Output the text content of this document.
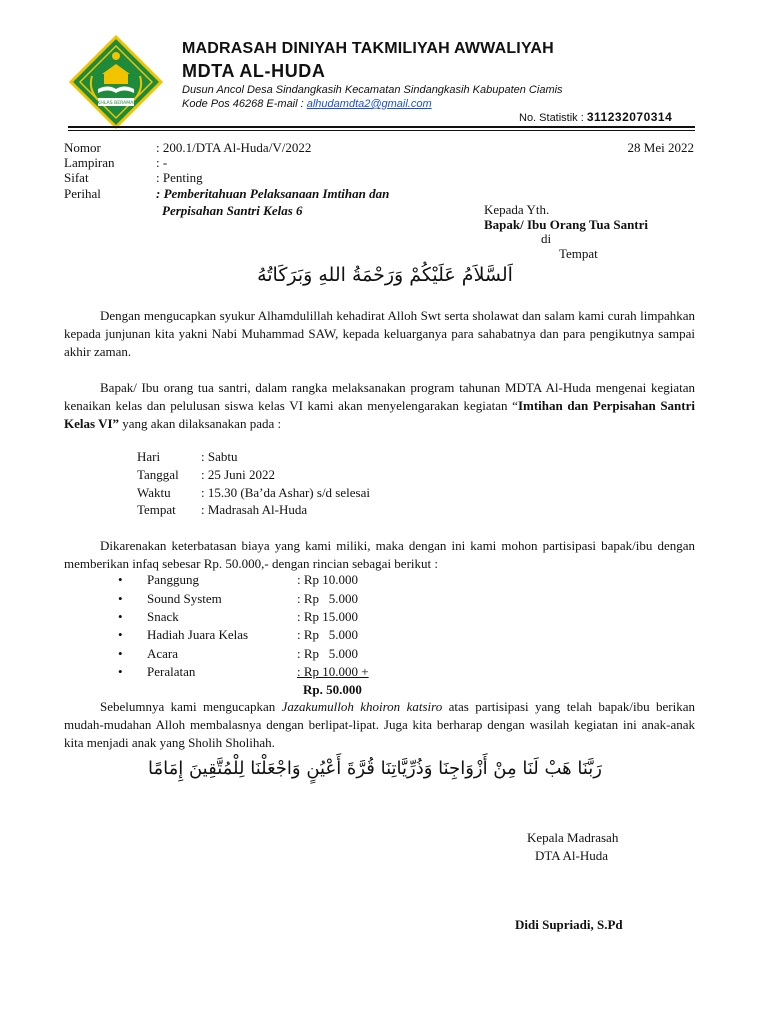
IKHLAS BERAMAL
MADRASAH DINIYAH TAKMILIYAH AWWALIYAH
MDTA AL-HUDA
Dusun Ancol Desa Sindangkasih Kecamatan Sindangkasih Kabupaten Ciamis
Kode Pos 46268 E-mail : alhudamdta2@gmail.com
No. Statistik : 311232070314
Nomor	: 200.1/DTA Al-Huda/V/2022	28 Mei 2022
Lampiran	: -
Sifat	: Penting
Perihal	: Pemberitahuan Pelaksanaan Imtihan dan
Perpisahan Santri Kelas 6	Kepada Yth.
Bapak/ Ibu Orang Tua Santri
di
Tempat
اَلسَّلاَمُ عَلَيْكُمْ وَرَحْمَةُ اللهِ وَبَرَكَاتُهُ
Dengan mengucapkan syukur Alhamdulillah kehadirat Alloh Swt serta sholawat dan salam kami curah limpahkan kepada junjunan kita yakni Nabi Muhammad SAW, kepada keluarganya para sahabatnya dan para pengikutnya sampai akhir zaman.
Bapak/ Ibu orang tua santri, dalam rangka melaksanakan program tahunan MDTA Al-Huda mengenai kegiatan kenaikan kelas dan pelulusan siswa kelas VI kami akan menyelengarakan kegiatan “Imtihan dan Perpisahan Santri Kelas VI” yang akan dilaksanakan pada :
Hari	: Sabtu
Tanggal : 25 Juni 2022
Waktu : 15.30 (Ba’da Ashar) s/d selesai
Tempat : Madrasah Al-Huda
Dikarenakan keterbatasan biaya yang kami miliki, maka dengan ini kami mohon partisipasi bapak/ibu dengan memberikan infaq sebesar Rp. 50.000,- dengan rincian sebagai berikut :
• Panggung	: Rp 10.000
• Sound System	: Rp   5.000
• Snack	: Rp 15.000
• Hadiah Juara Kelas	: Rp   5.000
• Acara	: Rp   5.000
• Peralatan	: Rp 10.000 +
Rp. 50.000
Sebelumnya kami mengucapkan Jazakumulloh khoiron katsiro atas partisipasi yang telah bapak/ibu berikan mudah-mudahan Alloh membalasnya dengan berlipat-lipat. Juga kita berharap dengan wasilah kegiatan ini anak-anak kita menjadi anak yang Sholih Sholihah.
رَبَّنَا هَبْ لَنَا مِنْ أَزْوَاجِنَا وَذُرِّيَّاتِنَا قُرَّةَ أَعْيُنٍ وَاجْعَلْنَا لِلْمُتَّقِينَ إِمَامًا
Kepala Madrasah
DTA Al-Huda
Didi Supriadi, S.Pd
